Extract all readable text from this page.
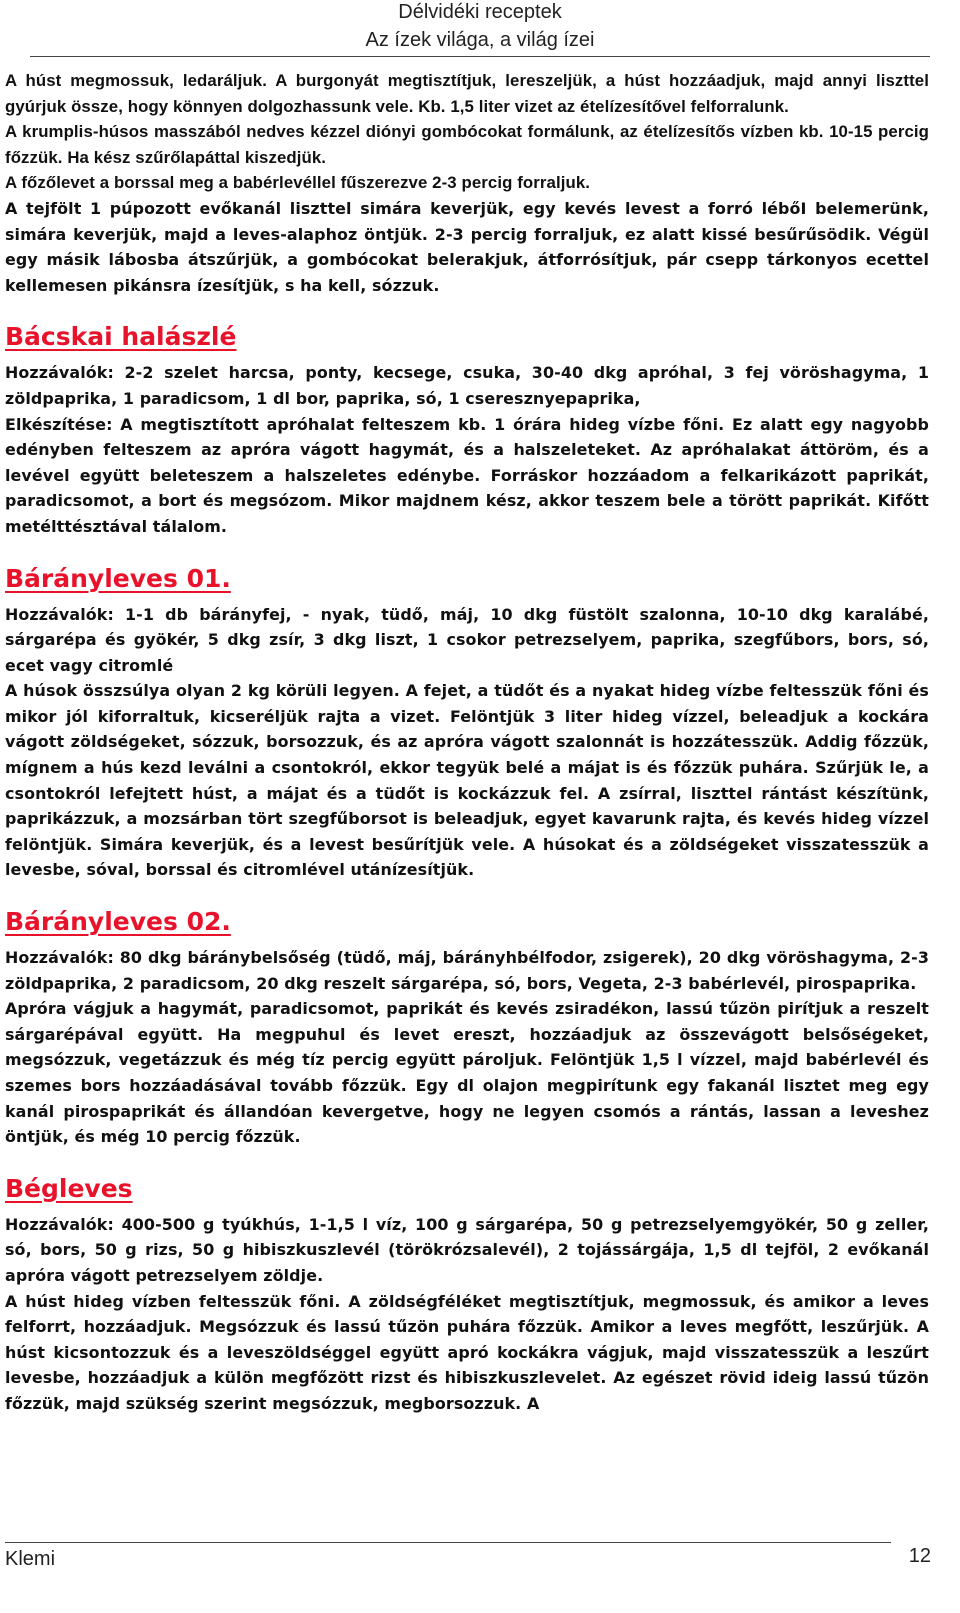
Délvidéki receptek
Az ízek világa, a világ ízei

A húst megmossuk, ledaráljuk. A burgonyát megtisztítjuk, lereszeljük, a húst hozzáadjuk, majd annyi liszttel gyúrjuk össze, hogy könnyen dolgozhassunk vele. Kb. 1,5 liter vizet az ételízesítővel felforralunk.

A krumplis-húsos masszából nedves kézzel diónyi gombócokat formálunk, az ételízesítős vízben kb. 10-15 percig főzzük. Ha kész szűrőlapáttal kiszedjük.

A főzőlevet a borssal meg a babérlevéllel fűszerezve 2-3 percig forraljuk.

A tejfölt 1 púpozott evőkanál liszttel simára keverjük, egy kevés levest a forró lébőI belemerünk, simára keverjük, majd a leves-alaphoz öntjük. 2-3 percig forraljuk, ez alatt kissé besűrűsödik. Végül egy másik lábosba átszűrjük, a gombócokat belerakjuk, átforrósítjuk, pár csepp tárkonyos ecettel kellemesen pikánsra ízesítjük, s ha kell, sózzuk.

Bácskai halászlé

Hozzávalók: 2-2 szelet harcsa, ponty, kecsege, csuka, 30-40 dkg apróhal, 3 fej vöröshagyma, 1 zöldpaprika, 1 paradicsom, 1 dl bor, paprika, só, 1 cseresznyepaprika,

Elkészítése: A megtisztított apróhalat felteszem kb. 1 órára hideg vízbe főni. Ez alatt egy nagyobb edényben felteszem az apróra vágott hagymát, és a halszeleteket. Az apróhalakat áttöröm, és a levével együtt beleteszem a halszeletes edénybe. Forráskor hozzáadom a felkarikázott paprikát, paradicsomot, a bort és megsózom. Mikor majdnem kész, akkor teszem bele a törött paprikát. Kifőtt metélttésztával tálalom.

Bárányleves 01.

Hozzávalók: 1-1 db bárányfej, - nyak, tüdő, máj, 10 dkg füstölt szalonna, 10-10 dkg karalábé, sárgarépa és gyökér, 5 dkg zsír, 3 dkg liszt, 1 csokor petrezselyem, paprika, szegfűbors, bors, só, ecet vagy citromlé

A húsok összsúlya olyan 2 kg körüli legyen. A fejet, a tüdőt és a nyakat hideg vízbe feltesszük főni és mikor jól kiforraltuk, kicseréljük rajta a vizet. Felöntjük 3 liter hideg vízzel, beleadjuk a kockára vágott zöldségeket, sózzuk, borsozzuk, és az apróra vágott szalonnát is hozzátesszük. Addig főzzük, mígnem a hús kezd leválni a csontokról, ekkor tegyük belé a májat is és főzzük puhára. Szűrjük le, a csontokról lefejtett húst, a májat és a tüdőt is kockázzuk fel. A zsírral, liszttel rántást készítünk, paprikázzuk, a mozsárban tört szegfűborsot is beleadjuk, egyet kavarunk rajta, és kevés hideg vízzel felöntjük. Simára keverjük, és a levest besűrítjük vele. A húsokat és a zöldségeket visszatesszük a levesbe, sóval, borssal és citromlével utánízesítjük.

Bárányleves 02.

Hozzávalók: 80 dkg báránybelsőség (tüdő, máj, bárányhbélfodor, zsigerek), 20 dkg vöröshagyma, 2-3 zöldpaprika, 2 paradicsom, 20 dkg reszelt sárgarépa, só, bors, Vegeta, 2-3 babérlevél, pirospaprika.

Apróra vágjuk a hagymát, paradicsomot, paprikát és kevés zsiradékon, lassú tűzön pirítjuk a reszelt sárgarépával együtt. Ha megpuhul és levet ereszt, hozzáadjuk az összevágott belsőségeket, megsózzuk, vegetázzuk és még tíz percig együtt pároljuk. Felöntjük 1,5 l vízzel, majd babérlevél és szemes bors hozzáadásával tovább főzzük. Egy dl olajon megpirítunk egy fakanál lisztet meg egy kanál pirospaprikát és állandóan kevergetve, hogy ne legyen csomós a rántás, lassan a leveshez öntjük, és még 10 percig főzzük.

Bégleves

Hozzávalók: 400-500 g tyúkhús, 1-1,5 l víz, 100 g sárgarépa, 50 g petrezselyemgyökér, 50 g zeller, só, bors, 50 g rizs, 50 g hibiszkuszlevél (törökrózsalevél), 2 tojássárgája, 1,5 dl tejföl, 2 evőkanál apróra vágott petrezselyem zöldje.

A húst hideg vízben feltesszük főni. A zöldségféléket megtisztítjuk, megmossuk, és amikor a leves felforrt, hozzáadjuk. Megsózzuk és lassú tűzön puhára főzzük. Amikor a leves megfőtt, leszűrjük. A húst kicsontozzuk és a leveszöldséggel együtt apró kockákra vágjuk, majd visszatesszük a leszűrt levesbe, hozzáadjuk a külön megfőzött rizst és hibiszkuszlevelet. Az egészet rövid ideig lassú tűzön főzzük, majd szükség szerint megsózzuk, megborsozzuk. A

Klemi	12
